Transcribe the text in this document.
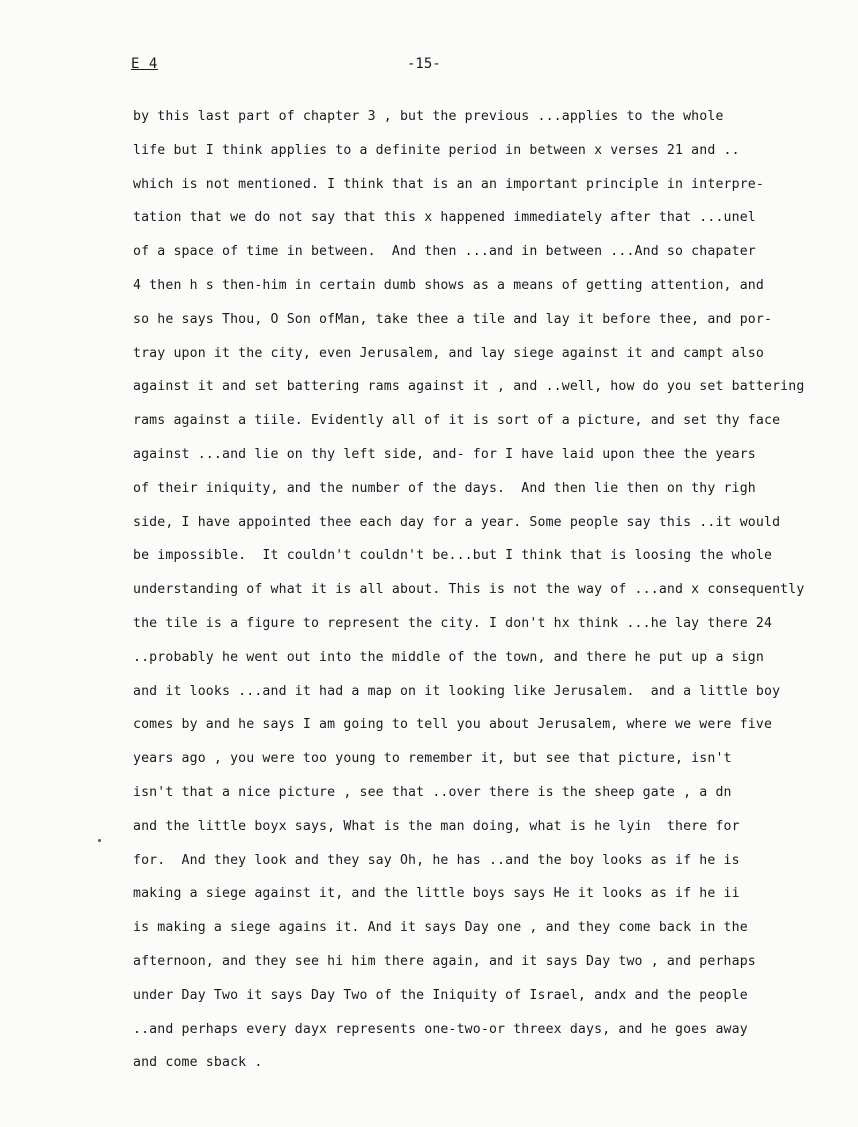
E 4	-15-
by this last part of chapter 3 , but the previous ...applies to the whole
life but I think applies to a definite period in between x verses 21 and ..
which is not mentioned. I think that is an an important principle in interpre-
tation that we do not say that this x happened immediately after that ...unel
of a space of time in between.  And then ...and in between ...And so chapater
4 then h s then-him in certain dumb shows as a means of getting attention, and
so he says Thou, O Son ofMan, take thee a tile and lay it before thee, and por-
tray upon it the city, even Jerusalem, and lay siege against it and campt also
against it and set battering rams against it , and ..well, how do you set battering
rams against a tiile. Evidently all of it is sort of a picture, and set thy face
against ...and lie on thy left side, and- for I have laid upon thee the years
of their iniquity, and the number of the days.  And then lie then on thy righ
side, I have appointed thee each day for a year. Some people say this ..it would
be impossible.  It couldn't couldn't be...but I think that is loosing the whole
understanding of what it is all about. This is not the way of ...and x consequently
the tile is a figure to represent the city. I don't hx think ...he lay there 24
..probably he went out into the middle of the town, and there he put up a sign
and it looks ...and it had a map on it looking like Jerusalem.  and a little boy
comes by and he says I am going to tell you about Jerusalem, where we were five
years ago , you were too young to remember it, but see that picture, isn't
isn't that a nice picture , see that ..over there is the sheep gate , a dn
and the little boyx says, What is the man doing, what is he lyin  there for
for.  And they look and they say Oh, he has ..and the boy looks as if he is
making a siege against it, and the little boys says He it looks as if he ii
is making a siege agains it. And it says Day one , and they come back in the
afternoon, and they see hi him there again, and it says Day two , and perhaps
under Day Two it says Day Two of the Iniquity of Israel, andx and the people
..and perhaps every dayx represents one-two-or threex days, and he goes away
and come sback .
